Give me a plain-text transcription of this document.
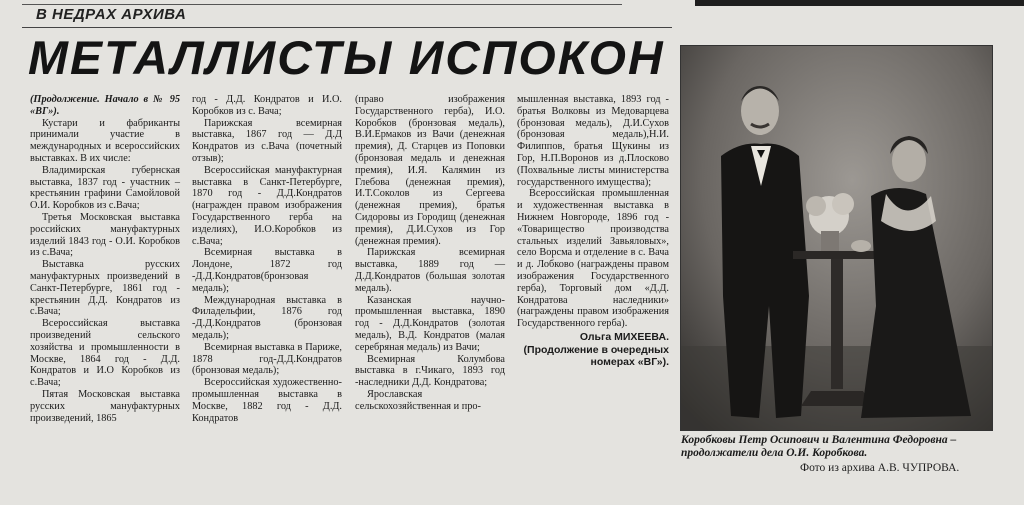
В НЕДРАХ АРХИВА
МЕТАЛЛИСТЫ ИСПОКОН

(Продолжение. Начало в № 95 «ВГ»).

Кустари и фабриканты принимали участие в международных и всероссийских выставках. В их числе:

Владимирская губернская выставка, 1837 год - участник – крестьянин графини Самойловой О.И. Коробков из с.Вача;

Третья Московская выставка российских мануфактурных изделий 1843 год - О.И. Коробков из с.Вача;

Выставка русских мануфактурных произведений в Санкт-Петербурге, 1861 год - крестьянин Д.Д. Кондратов из с.Вача;

Всероссийская выставка произведений сельского хозяйства и промышленности в Москве, 1864 год - Д.Д. Кондратов и И.О Коробков из с.Вача;

Пятая Московская выставка русских мануфактурных произведений, 1865

год - Д.Д. Кондратов и И.О. Коробков из с. Вача;

Парижская всемирная выставка, 1867 год — Д.Д Кондратов из с.Вача (почетный отзыв);

Всероссийская мануфактурная выставка в Санкт-Петербурге, 1870 год - Д.Д.Кондратов (награжден правом изображения Государственного герба на изделиях), И.О.Коробков из с.Вача;

Всемирная выставка в Лондоне, 1872 год -Д.Д.Кондратов(бронзовая медаль);

Международная выставка в Филадельфии, 1876 год -Д.Д.Кондратов (бронзовая медаль);

Всемирная выставка в Париже, 1878 год-Д.Д.Кондратов (бронзовая медаль);

Всероссийская художественно- промышленная выставка в Москве, 1882 год - Д.Д. Кондратов

(право изображения Государственного герба), И.О. Коробков (бронзовая медаль), В.И.Ермаков из Вачи (денежная премия), Д. Старцев из Поповки (бронзовая медаль и денежная премия), И.Я. Калямин из Глебова (денежная премия), И.Т.Соколов из Сергеева (денежная премия), братья Сидоровы из Городищ (денежная премия), Д.И.Сухов из Гор (денежная премия).

Парижская всемирная выставка, 1889 год — Д.Д.Кондратов (большая золотая медаль).

Казанская научно-промышленная выставка, 1890 год - Д.Д.Кондратов (золотая медаль), В.Д. Кондратов (малая серебряная медаль) из Вачи;

Всемирная Колумбова выставка в г.Чикаго, 1893 год -наследники Д.Д. Кондратова;

Ярославская сельскохозяйственная и про-

мышленная выставка, 1893 год - братья Волковы из Медоварцева (бронзовая медаль), Д.И.Сухов (бронзовая медаль),Н.И. Филиппов, братья Щукины из Гор, Н.П.Воронов из д.Плосково (Похвальные листы министерства государственного имущества);

Всероссийская промышленная и художественная выставка в Нижнем Новгороде, 1896 год - «Товарищество производства стальных изделий Завьяловых», село Ворсма и отделение в с. Вача и д. Лобково (награждены правом изображения Государственного герба), Торговый дом «Д.Д. Кондратова наследники» (награждены правом изображения Государственного герба).

Ольга МИХЕЕВА.
(Продолжение в очередных номерах «ВГ»).
Коробковы Петр Осипович и Валентина Федоровна – продолжатели дела О.И. Коробкова.
Фото из архива А.В. ЧУПРОВА.
